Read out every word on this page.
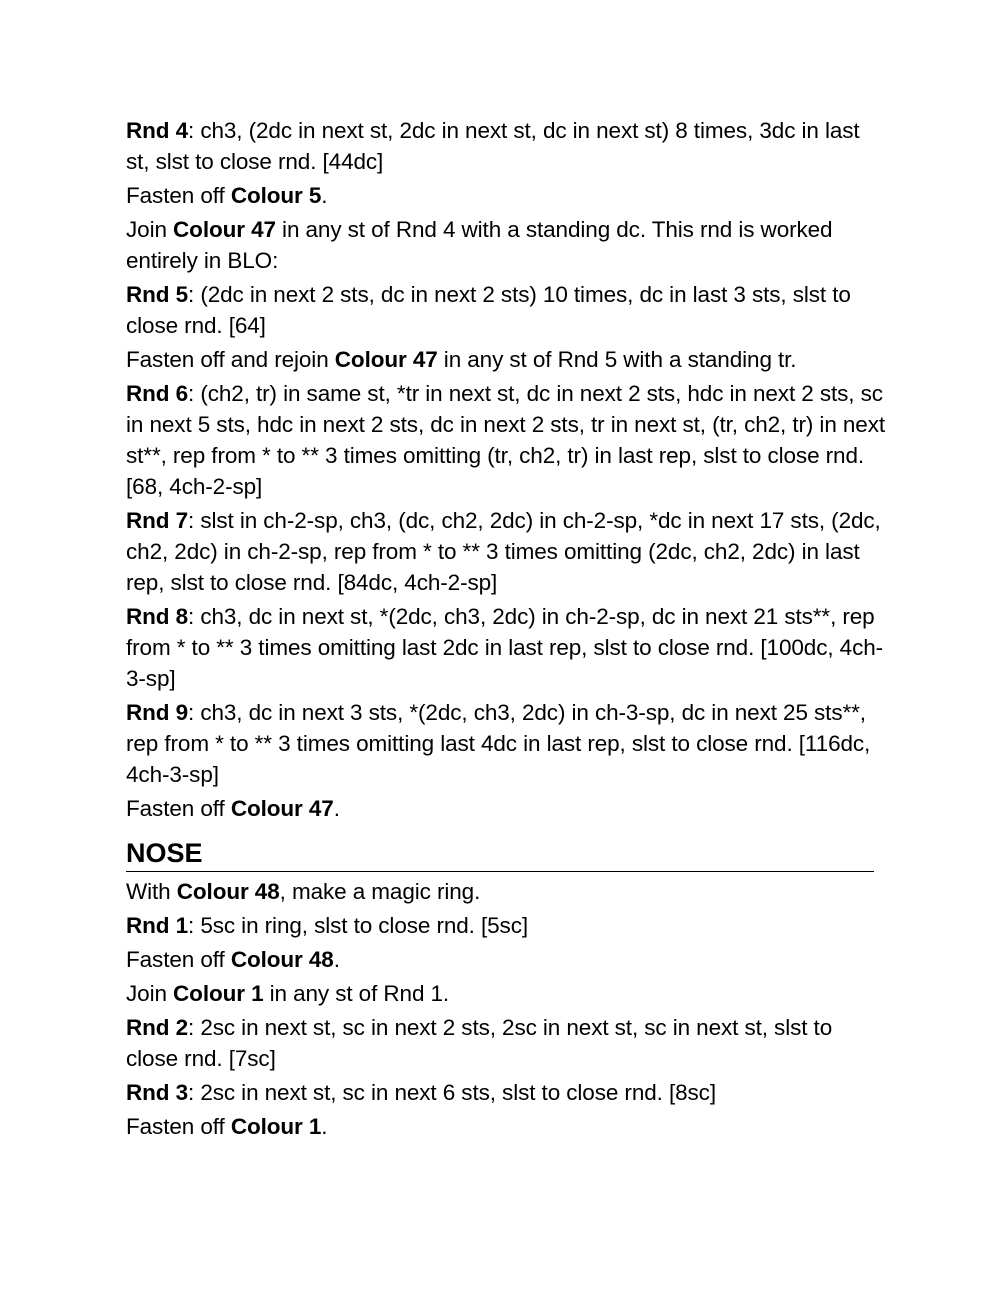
Rnd 4: ch3, (2dc in next st, 2dc in next st, dc in next st) 8 times, 3dc in last st, slst to close rnd. [44dc]

Fasten off Colour 5.

Join Colour 47 in any st of Rnd 4 with a standing dc. This rnd is worked entirely in BLO:

Rnd 5: (2dc in next 2 sts, dc in next 2 sts) 10 times, dc in last 3 sts, slst to close rnd. [64]

Fasten off and rejoin Colour 47 in any st of Rnd 5 with a standing tr.

Rnd 6: (ch2, tr) in same st, *tr in next st, dc in next 2 sts, hdc in next 2 sts, sc in next 5 sts, hdc in next 2 sts, dc in next 2 sts, tr in next st, (tr, ch2, tr) in next st**, rep from * to ** 3 times omitting (tr, ch2, tr) in last rep, slst to close rnd. [68, 4ch-2-sp]

Rnd 7: slst in ch-2-sp, ch3, (dc, ch2, 2dc) in ch-2-sp, *dc in next 17 sts, (2dc, ch2, 2dc) in ch-2-sp, rep from * to ** 3 times omitting (2dc, ch2, 2dc) in last rep, slst to close rnd. [84dc, 4ch-2-sp]

Rnd 8: ch3, dc in next st, *(2dc, ch3, 2dc) in ch-2-sp, dc in next 21 sts**, rep from * to ** 3 times omitting last 2dc in last rep, slst to close rnd. [100dc, 4ch-3-sp]

Rnd 9: ch3, dc in next 3 sts, *(2dc, ch3, 2dc) in ch-3-sp, dc in next 25 sts**, rep from * to ** 3 times omitting last 4dc in last rep, slst to close rnd. [116dc, 4ch-3-sp]

Fasten off Colour 47.

NOSE

With Colour 48, make a magic ring.

Rnd 1: 5sc in ring, slst to close rnd. [5sc]

Fasten off Colour 48.

Join Colour 1 in any st of Rnd 1.

Rnd 2: 2sc in next st, sc in next 2 sts, 2sc in next st, sc in next st, slst to close rnd. [7sc]

Rnd 3: 2sc in next st, sc in next 6 sts, slst to close rnd. [8sc]

Fasten off Colour 1.
